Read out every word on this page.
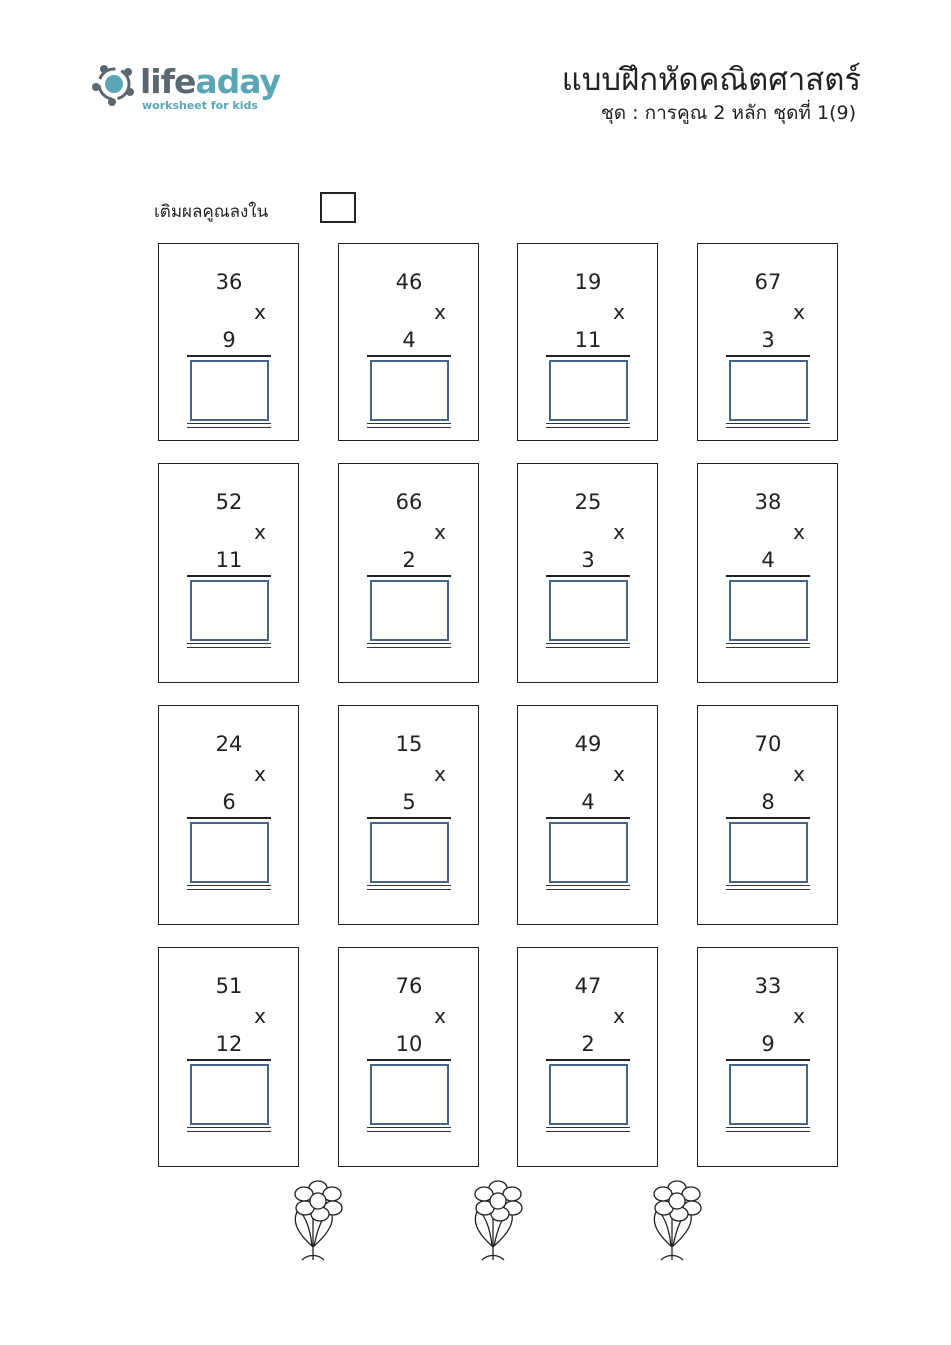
lifeaday
worksheet for kids
แบบฝึกหัดคณิตศาสตร์
ชุด : การคูณ 2 หลัก ชุดที่ 1(9)
เติมผลคูณลงใน
36
x
9
46
x
4
19
x
11
67
x
3
52
x
11
66
x
2
25
x
3
38
x
4
24
x
6
15
x
5
49
x
4
70
x
8
51
x
12
76
x
10
47
x
2
33
x
9
